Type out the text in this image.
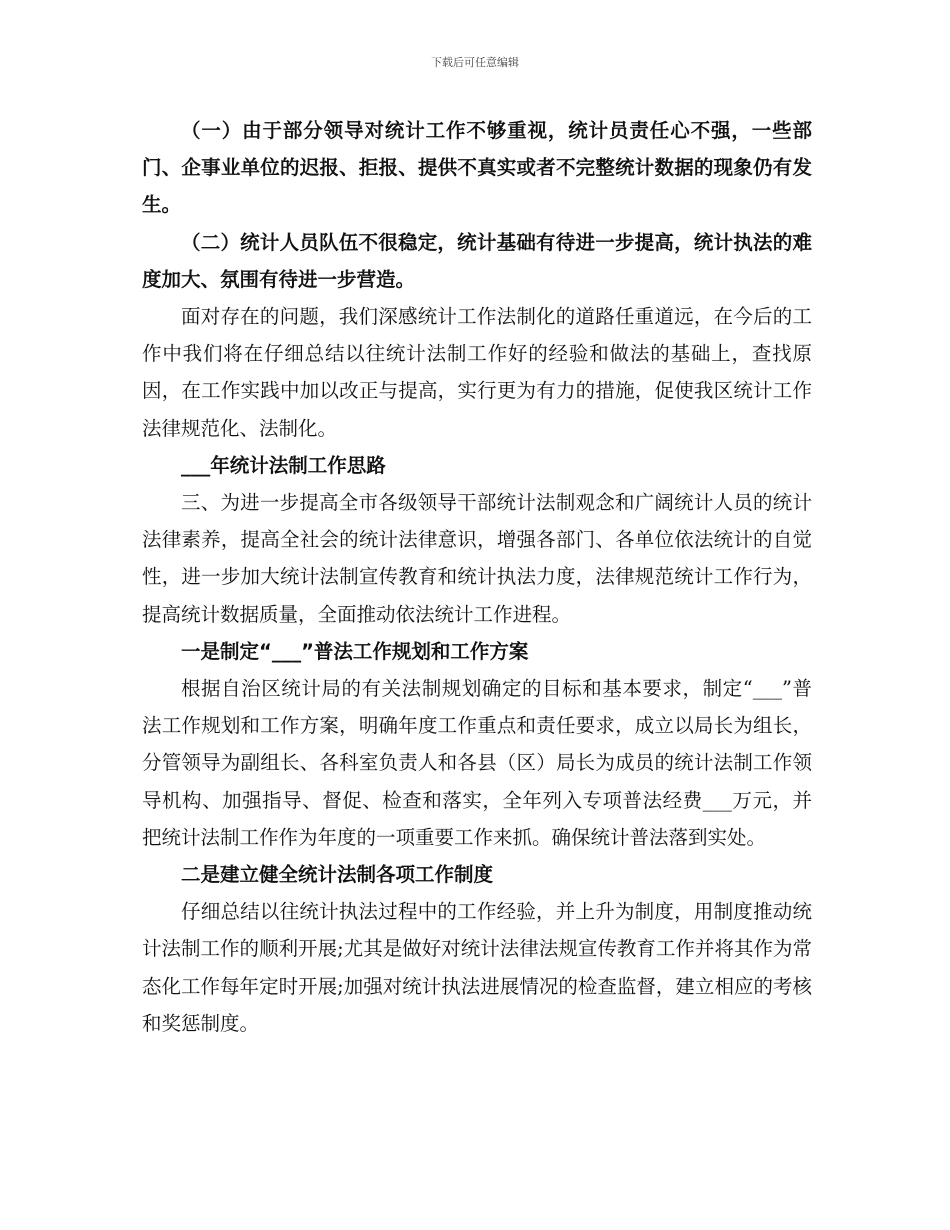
下载后可任意编辑

（一）由于部分领导对统计工作不够重视，统计员责任心不强，一些部门、企事业单位的迟报、拒报、提供不真实或者不完整统计数据的现象仍有发生。

（二）统计人员队伍不很稳定，统计基础有待进一步提高，统计执法的难度加大、氛围有待进一步营造。

面对存在的问题，我们深感统计工作法制化的道路任重道远，在今后的工作中我们将在仔细总结以往统计法制工作好的经验和做法的基础上，查找原因，在工作实践中加以改正与提高，实行更为有力的措施，促使我区统计工作法律规范化、法制化。

___年统计法制工作思路

三、为进一步提高全市各级领导干部统计法制观念和广阔统计人员的统计法律素养，提高全社会的统计法律意识，增强各部门、各单位依法统计的自觉性，进一步加大统计法制宣传教育和统计执法力度，法律规范统计工作行为，提高统计数据质量，全面推动依法统计工作进程。

一是制定“___”普法工作规划和工作方案

根据自治区统计局的有关法制规划确定的目标和基本要求，制定“___”普法工作规划和工作方案，明确年度工作重点和责任要求，成立以局长为组长，分管领导为副组长、各科室负责人和各县（区）局长为成员的统计法制工作领导机构、加强指导、督促、检查和落实，全年列入专项普法经费___万元，并把统计法制工作作为年度的一项重要工作来抓。确保统计普法落到实处。

二是建立健全统计法制各项工作制度

仔细总结以往统计执法过程中的工作经验，并上升为制度，用制度推动统计法制工作的顺利开展;尤其是做好对统计法律法规宣传教育工作并将其作为常态化工作每年定时开展;加强对统计执法进展情况的检查监督，建立相应的考核和奖惩制度。
